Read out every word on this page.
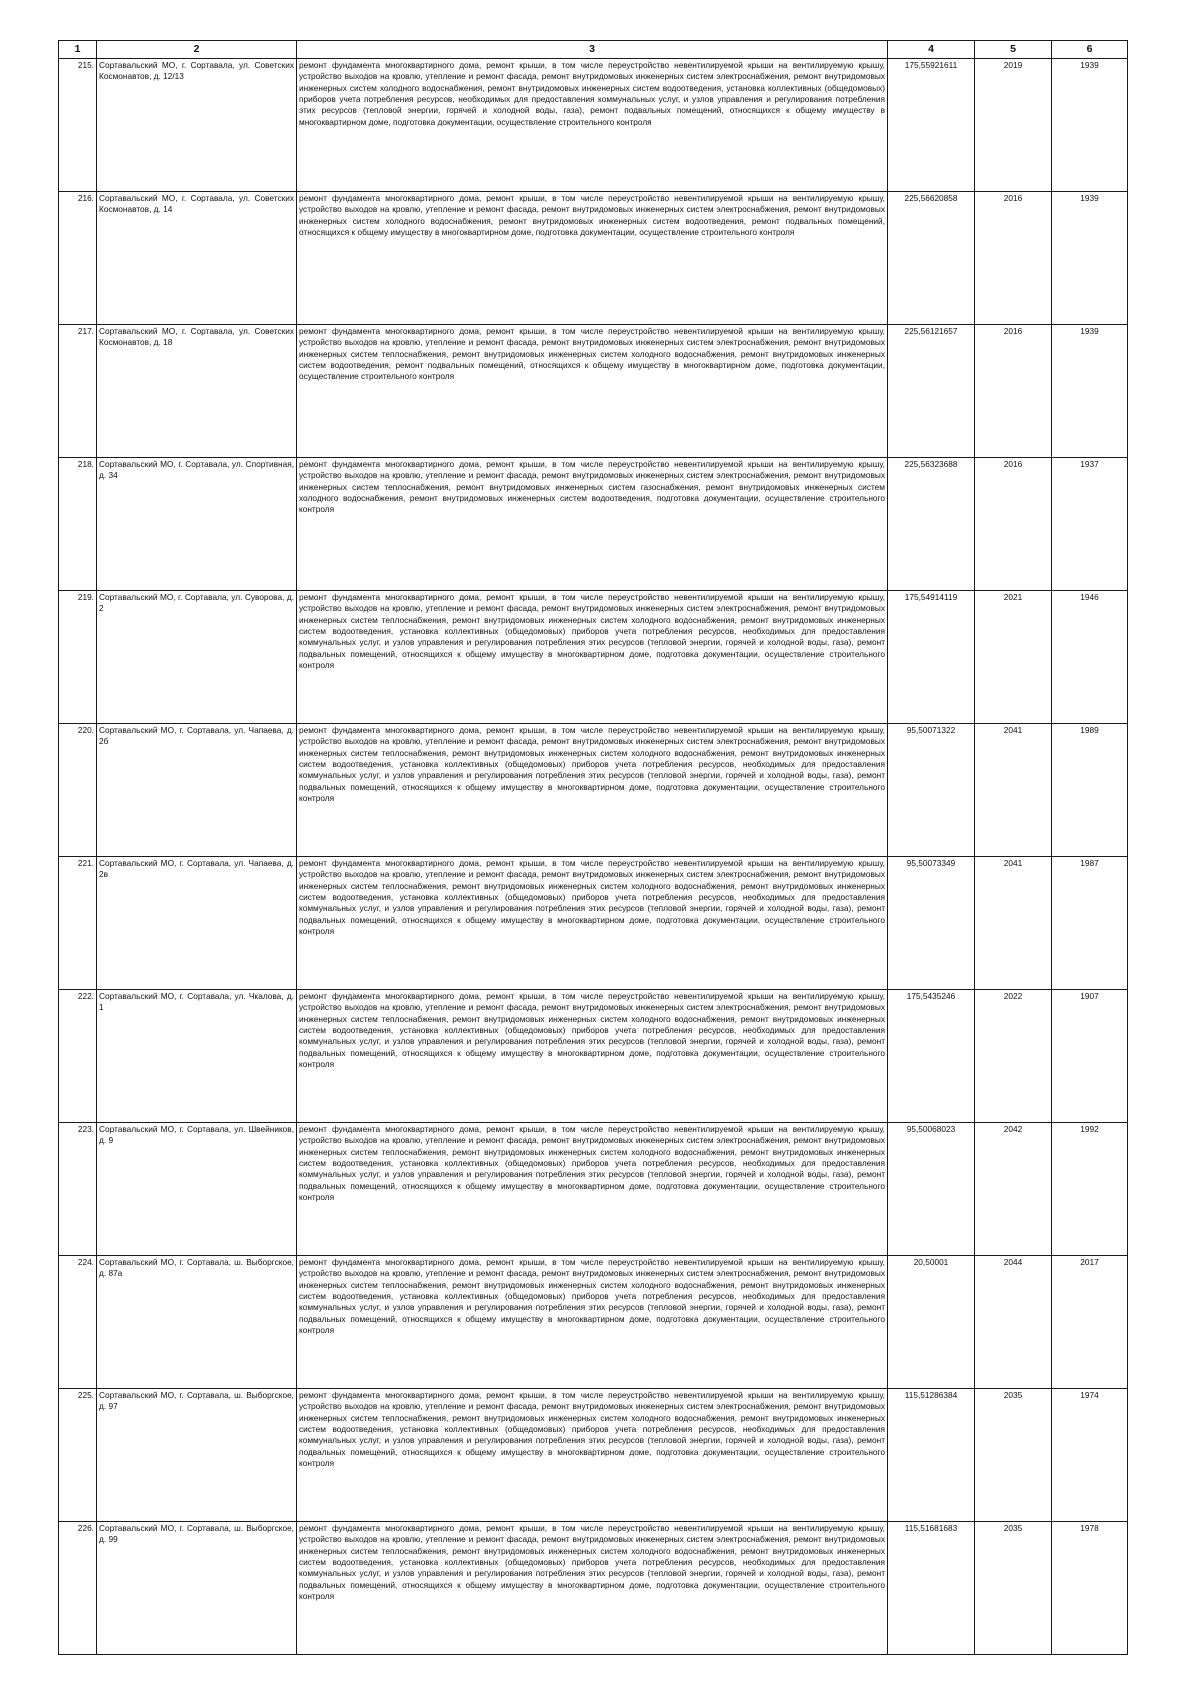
1	2	3	4	5	6
215.	Сортавальский МО, г. Сортавала, ул. Советских Космонавтов, д. 12/13	ремонт фундамента многоквартирного дома, ремонт крыши, в том числе переустройство невентилируемой крыши на вентилируемую крышу, устройство выходов на кровлю, утепление и ремонт фасада, ремонт внутридомовых инженерных систем электроснабжения, ремонт внутридомовых инженерных систем холодного водоснабжения, ремонт внутридомовых инженерных систем водоотведения, установка коллективных (общедомовых) приборов учета потребления ресурсов, необходимых для предоставления коммунальных услуг, и узлов управления и регулирования потребления этих ресурсов (тепловой энергии, горячей и холодной воды, газа), ремонт подвальных помещений, относящихся к общему имуществу в многоквартирном доме, подготовка документации, осуществление строительного контроля	175,55921611	2019	1939
216.	Сортавальский МО, г. Сортавала, ул. Советских Космонавтов, д. 14	ремонт фундамента многоквартирного дома, ремонт крыши, в том числе переустройство невентилируемой крыши на вентилируемую крышу, устройство выходов на кровлю, утепление и ремонт фасада, ремонт внутридомовых инженерных систем электроснабжения, ремонт внутридомовых инженерных систем холодного водоснабжения, ремонт внутридомовых инженерных систем водоотведения, ремонт подвальных помещений, относящихся к общему имуществу в многоквартирном доме, подготовка документации, осуществление строительного контроля	225,56620858	2016	1939
217.	Сортавальский МО, г. Сортавала, ул. Советских Космонавтов, д. 18	ремонт фундамента многоквартирного дома, ремонт крыши, в том числе переустройство невентилируемой крыши на вентилируемую крышу, устройство выходов на кровлю, утепление и ремонт фасада, ремонт внутридомовых инженерных систем электроснабжения, ремонт внутридомовых инженерных систем теплоснабжения, ремонт внутридомовых инженерных систем холодного водоснабжения, ремонт внутридомовых инженерных систем водоотведения, ремонт подвальных помещений, относящихся к общему имуществу в многоквартирном доме, подготовка документации, осуществление строительного контроля	225,56121657	2016	1939
218.	Сортавальский МО, г. Сортавала, ул. Спортивная, д. 34	ремонт фундамента многоквартирного дома, ремонт крыши, в том числе переустройство невентилируемой крыши на вентилируемую крышу, устройство выходов на кровлю, утепление и ремонт фасада, ремонт внутридомовых инженерных систем электроснабжения, ремонт внутридомовых инженерных систем теплоснабжения, ремонт внутридомовых инженерных систем газоснабжения, ремонт внутридомовых инженерных систем холодного водоснабжения, ремонт внутридомовых инженерных систем водоотведения, подготовка документации, осуществление строительного контроля	225,56323688	2016	1937
219.	Сортавальский МО, г. Сортавала, ул. Суворова, д. 2	ремонт фундамента многоквартирного дома, ремонт крыши, в том числе переустройство невентилируемой крыши на вентилируемую крышу, устройство выходов на кровлю, утепление и ремонт фасада, ремонт внутридомовых инженерных систем электроснабжения, ремонт внутридомовых инженерных систем теплоснабжения, ремонт внутридомовых инженерных систем холодного водоснабжения, ремонт внутридомовых инженерных систем водоотведения, установка коллективных (общедомовых) приборов учета потребления ресурсов, необходимых для предоставления коммунальных услуг, и узлов управления и регулирования потребления этих ресурсов (тепловой энергии, горячей и холодной воды, газа), ремонт подвальных помещений, относящихся к общему имуществу в многоквартирном доме, подготовка документации, осуществление строительного контроля	175,54914119	2021	1946
220.	Сортавальский МО, г. Сортавала, ул. Чапаева, д. 2б	ремонт фундамента многоквартирного дома, ремонт крыши, в том числе переустройство невентилируемой крыши на вентилируемую крышу, устройство выходов на кровлю, утепление и ремонт фасада, ремонт внутридомовых инженерных систем электроснабжения, ремонт внутридомовых инженерных систем теплоснабжения, ремонт внутридомовых инженерных систем холодного водоснабжения, ремонт внутридомовых инженерных систем водоотведения, установка коллективных (общедомовых) приборов учета потребления ресурсов, необходимых для предоставления коммунальных услуг, и узлов управления и регулирования потребления этих ресурсов (тепловой энергии, горячей и холодной воды, газа), ремонт подвальных помещений, относящихся к общему имуществу в многоквартирном доме, подготовка документации, осуществление строительного контроля	95,50071322	2041	1989
221.	Сортавальский МО, г. Сортавала, ул. Чапаева, д. 2в	ремонт фундамента многоквартирного дома, ремонт крыши, в том числе переустройство невентилируемой крыши на вентилируемую крышу, устройство выходов на кровлю, утепление и ремонт фасада, ремонт внутридомовых инженерных систем электроснабжения, ремонт внутридомовых инженерных систем теплоснабжения, ремонт внутридомовых инженерных систем холодного водоснабжения, ремонт внутридомовых инженерных систем водоотведения, установка коллективных (общедомовых) приборов учета потребления ресурсов, необходимых для предоставления коммунальных услуг, и узлов управления и регулирования потребления этих ресурсов (тепловой энергии, горячей и холодной воды, газа), ремонт подвальных помещений, относящихся к общему имуществу в многоквартирном доме, подготовка документации, осуществление строительного контроля	95,50073349	2041	1987
222.	Сортавальский МО, г. Сортавала, ул. Чкалова, д. 1	ремонт фундамента многоквартирного дома, ремонт крыши, в том числе переустройство невентилируемой крыши на вентилируемую крышу, устройство выходов на кровлю, утепление и ремонт фасада, ремонт внутридомовых инженерных систем электроснабжения, ремонт внутридомовых инженерных систем теплоснабжения, ремонт внутридомовых инженерных систем холодного водоснабжения, ремонт внутридомовых инженерных систем водоотведения, установка коллективных (общедомовых) приборов учета потребления ресурсов, необходимых для предоставления коммунальных услуг, и узлов управления и регулирования потребления этих ресурсов (тепловой энергии, горячей и холодной воды, газа), ремонт подвальных помещений, относящихся к общему имуществу в многоквартирном доме, подготовка документации, осуществление строительного контроля	175,5435246	2022	1907
223.	Сортавальский МО, г. Сортавала, ул. Швейников, д. 9	ремонт фундамента многоквартирного дома, ремонт крыши, в том числе переустройство невентилируемой крыши на вентилируемую крышу, устройство выходов на кровлю, утепление и ремонт фасада, ремонт внутридомовых инженерных систем электроснабжения, ремонт внутридомовых инженерных систем теплоснабжения, ремонт внутридомовых инженерных систем холодного водоснабжения, ремонт внутридомовых инженерных систем водоотведения, установка коллективных (общедомовых) приборов учета потребления ресурсов, необходимых для предоставления коммунальных услуг, и узлов управления и регулирования потребления этих ресурсов (тепловой энергии, горячей и холодной воды, газа), ремонт подвальных помещений, относящихся к общему имуществу в многоквартирном доме, подготовка документации, осуществление строительного контроля	95,50068023	2042	1992
224.	Сортавальский МО, г. Сортавала, ш. Выборгское, д. 87а	ремонт фундамента многоквартирного дома, ремонт крыши, в том числе переустройство невентилируемой крыши на вентилируемую крышу, устройство выходов на кровлю, утепление и ремонт фасада, ремонт внутридомовых инженерных систем электроснабжения, ремонт внутридомовых инженерных систем теплоснабжения, ремонт внутридомовых инженерных систем холодного водоснабжения, ремонт внутридомовых инженерных систем водоотведения, установка коллективных (общедомовых) приборов учета потребления ресурсов, необходимых для предоставления коммунальных услуг, и узлов управления и регулирования потребления этих ресурсов (тепловой энергии, горячей и холодной воды, газа), ремонт подвальных помещений, относящихся к общему имуществу в многоквартирном доме, подготовка документации, осуществление строительного контроля	20,50001	2044	2017
225.	Сортавальский МО, г. Сортавала, ш. Выборгское, д. 97	ремонт фундамента многоквартирного дома, ремонт крыши, в том числе переустройство невентилируемой крыши на вентилируемую крышу, устройство выходов на кровлю, утепление и ремонт фасада, ремонт внутридомовых инженерных систем электроснабжения, ремонт внутридомовых инженерных систем теплоснабжения, ремонт внутридомовых инженерных систем холодного водоснабжения, ремонт внутридомовых инженерных систем водоотведения, установка коллективных (общедомовых) приборов учета потребления ресурсов, необходимых для предоставления коммунальных услуг, и узлов управления и регулирования потребления этих ресурсов (тепловой энергии, горячей и холодной воды, газа), ремонт подвальных помещений, относящихся к общему имуществу в многоквартирном доме, подготовка документации, осуществление строительного контроля	115,51286384	2035	1974
226.	Сортавальский МО, г. Сортавала, ш. Выборгское, д. 99	ремонт фундамента многоквартирного дома, ремонт крыши, в том числе переустройство невентилируемой крыши на вентилируемую крышу, устройство выходов на кровлю, утепление и ремонт фасада, ремонт внутридомовых инженерных систем электроснабжения, ремонт внутридомовых инженерных систем теплоснабжения, ремонт внутридомовых инженерных систем холодного водоснабжения, ремонт внутридомовых инженерных систем водоотведения, установка коллективных (общедомовых) приборов учета потребления ресурсов, необходимых для предоставления коммунальных услуг, и узлов управления и регулирования потребления этих ресурсов (тепловой энергии, горячей и холодной воды, газа), ремонт подвальных помещений, относящихся к общему имуществу в многоквартирном доме, подготовка документации, осуществление строительного контроля	115,51681683	2035	1978
